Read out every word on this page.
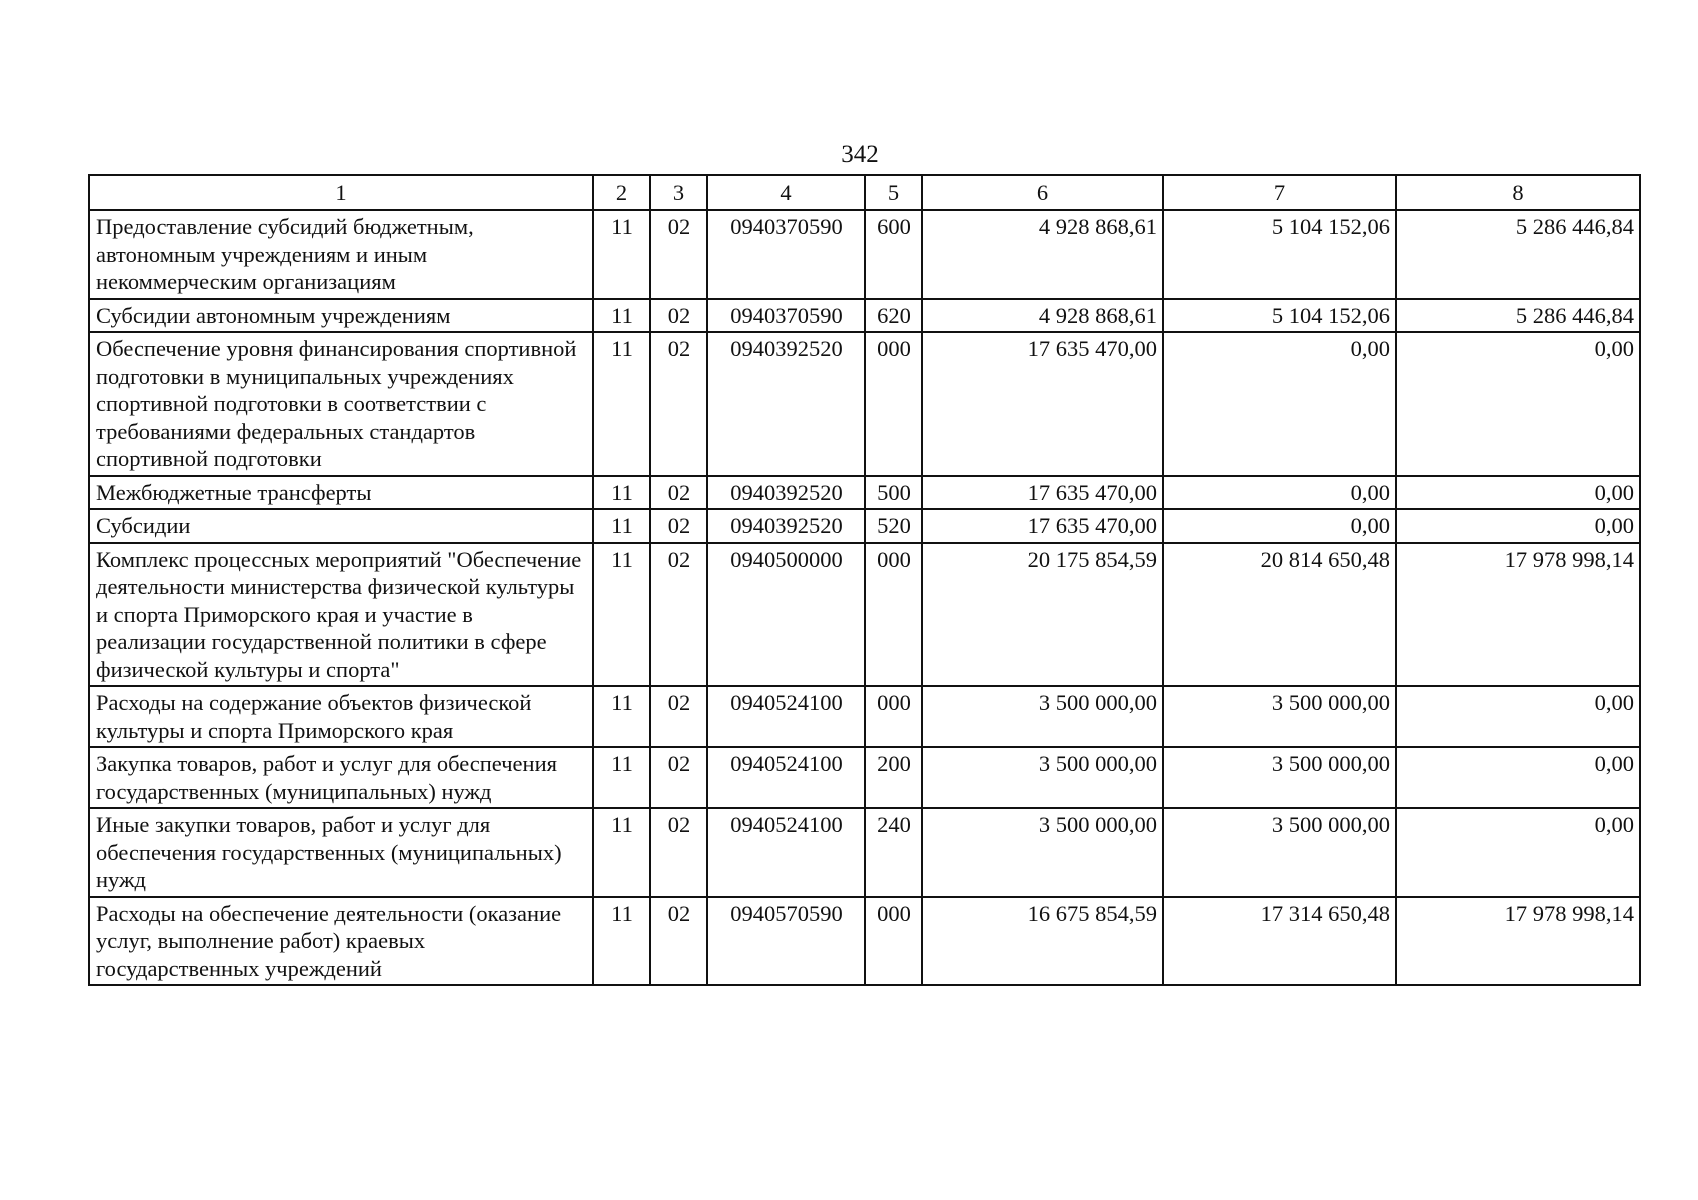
342
1	2	3	4	5	6	7	8
Предоставление субсидий бюджетным, автономным учреждениям и иным некоммерческим организациям	11	02	0940370590	600	4 928 868,61	5 104 152,06	5 286 446,84
Субсидии автономным учреждениям	11	02	0940370590	620	4 928 868,61	5 104 152,06	5 286 446,84
Обеспечение уровня финансирования спортивной подготовки в муниципальных учреждениях спортивной подготовки в соответствии с требованиями федеральных стандартов спортивной подготовки	11	02	0940392520	000	17 635 470,00	0,00	0,00
Межбюджетные трансферты	11	02	0940392520	500	17 635 470,00	0,00	0,00
Субсидии	11	02	0940392520	520	17 635 470,00	0,00	0,00
Комплекс процессных мероприятий "Обеспечение деятельности министерства физической культуры и спорта Приморского края и участие в реализации государственной политики в сфере физической культуры и спорта"	11	02	0940500000	000	20 175 854,59	20 814 650,48	17 978 998,14
Расходы на содержание объектов физической культуры и спорта Приморского края	11	02	0940524100	000	3 500 000,00	3 500 000,00	0,00
Закупка товаров, работ и услуг для обеспечения государственных (муниципальных) нужд	11	02	0940524100	200	3 500 000,00	3 500 000,00	0,00
Иные закупки товаров, работ и услуг для обеспечения государственных (муниципальных) нужд	11	02	0940524100	240	3 500 000,00	3 500 000,00	0,00
Расходы на обеспечение деятельности (оказание услуг, выполнение работ) краевых государственных учреждений	11	02	0940570590	000	16 675 854,59	17 314 650,48	17 978 998,14
